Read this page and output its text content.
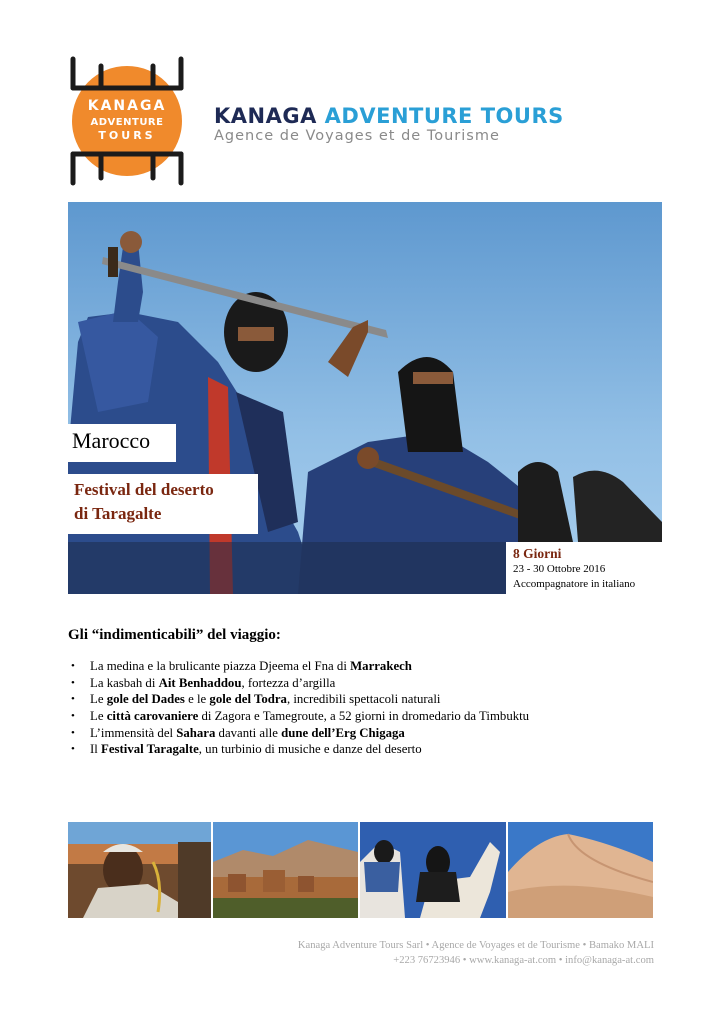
KANAGA
ADVENTURE
TOURS
KANAGA ADVENTURE TOURS
Agence de Voyages et de Tourisme
Marocco
Festival del deserto
di Taragalte
8 Giorni
23 - 30 Ottobre 2016
Accompagnatore in italiano
Gli “indimenticabili” del viaggio:
• La medina e la brulicante piazza Djeema el Fna di Marrakech
• La kasbah di Ait Benhaddou, fortezza d’argilla
• Le gole del Dades e le gole del Todra, incredibili spettacoli naturali
• Le città carovaniere di Zagora e Tamegroute, a 52 giorni in dromedario da Timbuktu
• L’immensità del Sahara davanti alle dune dell’Erg Chigaga
• Il Festival Taragalte, un turbinio di musiche e danze del deserto
Kanaga Adventure Tours Sarl • Agence de Voyages et de Tourisme • Bamako MALI
+223 76723946 • www.kanaga-at.com • info@kanaga-at.com
